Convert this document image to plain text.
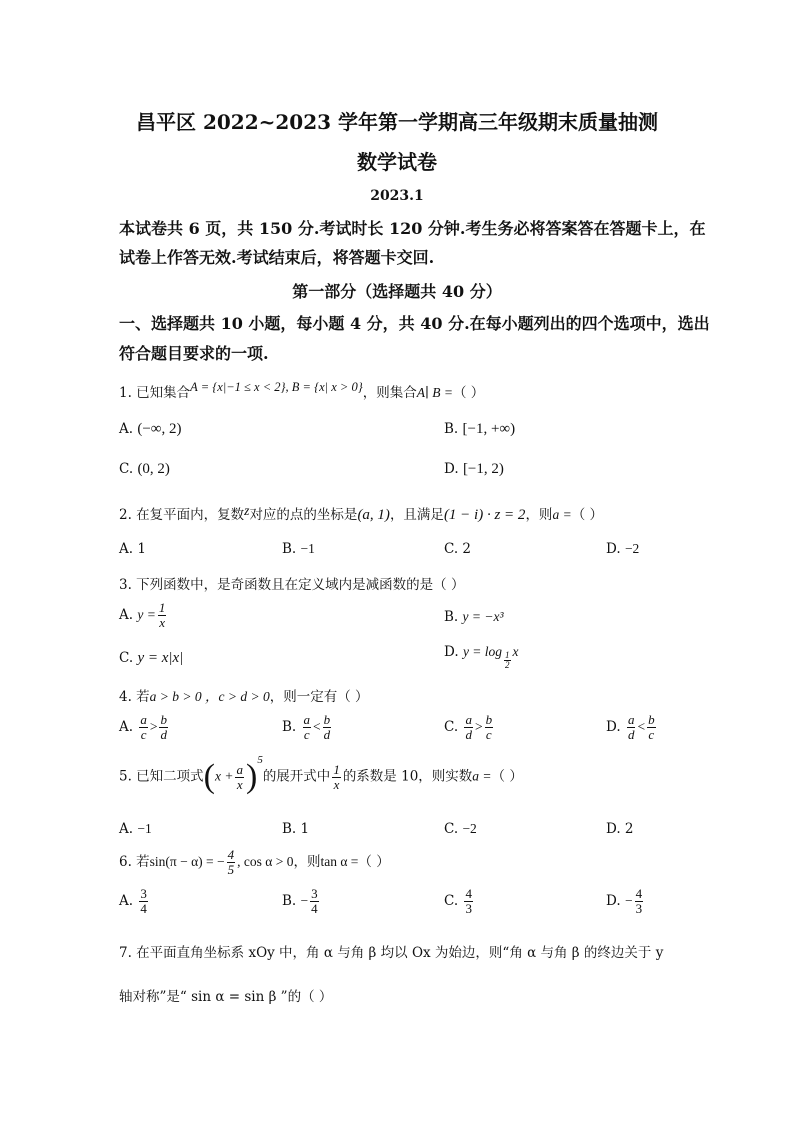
昌平区 2022~2023 学年第一学期高三年级期末质量抽测
数学试卷
2023.1
本试卷共 6 页，共 150 分.考试时长 120 分钟.考生务必将答案答在答题卡上，在
试卷上作答无效.考试结束后，将答题卡交回.
第一部分（选择题共 40 分）
一、选择题共 10 小题，每小题 4 分，共 40 分.在每小题列出的四个选项中，选出
符合题目要求的一项.
1. 已知集合A = {x|−1 ≤ x < 2}, B = {x| x > 0}，则集合A∣ B =（ ）
A. (−∞, 2)	B. [−1, +∞)
C. (0, 2)	D. [−1, 2)
2. 在复平面内，复数z对应的点的坐标是(a, 1)，且满足(1 − i) · z = 2，则a =（ ）
A. 1	B. −1	C. 2	D. −2
3. 下列函数中，是奇函数且在定义域内是减函数的是（ ）
A. $y = \frac{1}{x}$	B. y = −x³
C. y = x|x|	D. $y = \log \frac{1}{2}$ x
4. 若a > b > 0 ，c > d > 0，则一定有（ ）
A. $\frac{a}{c} > \frac{b}{d}$	B. $\frac{a}{c} < \frac{b}{d}$	C. $\frac{a}{d} > \frac{b}{c}$	D. $\frac{a}{d} < \frac{b}{c}$
5. 已知二项式$(x + \frac{a}{x} )^5$的展开式中 $\frac{1}{x}$ 的系数是 10，则实数a =（ ）
A. −1	B. 1	C. −2	D. 2
6. 若sin(π − α) = − $\frac{4}{5}$ , cos α > 0，则tan α =（ ）
A. $\frac{3}{4}$	B. − $\frac{3}{4}$	C. $\frac{4}{3}$	D. − $\frac{4}{3}$
7. 在平面直角坐标系 xOy 中，角 α 与角 β 均以 Ox 为始边，则“角 α 与角 β 的终边关于 y
轴对称”是“ sin α = sin β ”的（ ）
